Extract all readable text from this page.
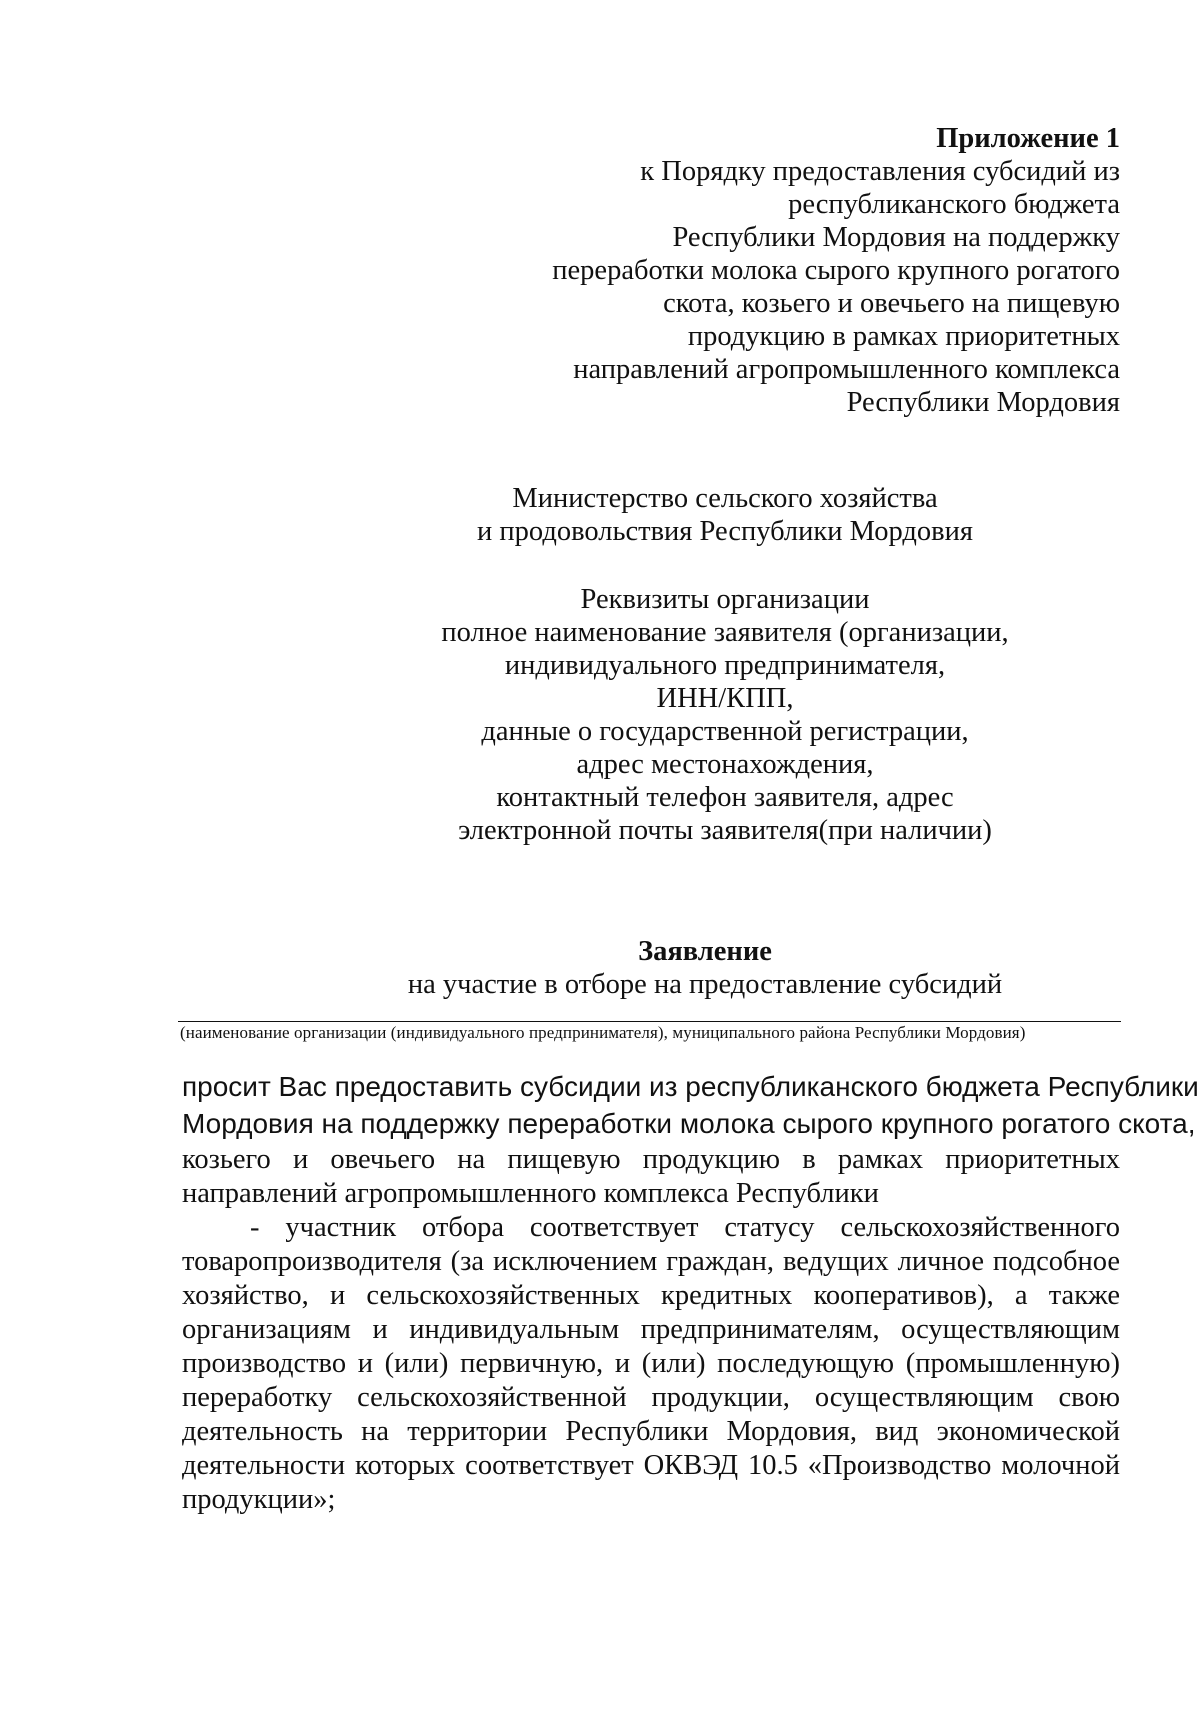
Приложение 1
к Порядку предоставления субсидий из
республиканского бюджета
Республики Мордовия на поддержку
переработки молока сырого крупного рогатого
скота, козьего и овечьего на пищевую
продукцию в рамках приоритетных
направлений агропромышленного комплекса
Республики Мордовия
Министерство сельского хозяйства
и продовольствия Республики Мордовия
Реквизиты организации
полное наименование заявителя (организации,
индивидуального предпринимателя,
ИНН/КПП,
данные о государственной регистрации,
адрес местонахождения,
контактный телефон заявителя, адрес
электронной почты заявителя(при наличии)
Заявление
на участие в отборе на предоставление субсидий
(наименование организации (индивидуального предпринимателя), муниципального района Республики Мордовия)
просит Вас предоставить субсидии из республиканского бюджета Республики
Мордовия на поддержку переработки молока сырого крупного рогатого скота,
козьего и овечьего на пищевую продукцию в рамках приоритетных
направлений агропромышленного комплекса Республики
- участник отбора соответствует статусу сельскохозяйственного
товаропроизводителя (за исключением граждан, ведущих личное подсобное
хозяйство, и сельскохозяйственных кредитных кооперативов), а также
организациям и индивидуальным предпринимателям, осуществляющим
производство и (или) первичную, и (или) последующую (промышленную)
переработку сельскохозяйственной продукции, осуществляющим свою
деятельность на территории Республики Мордовия, вид экономической
деятельности которых соответствует ОКВЭД 10.5 «Производство молочной
продукции»;
